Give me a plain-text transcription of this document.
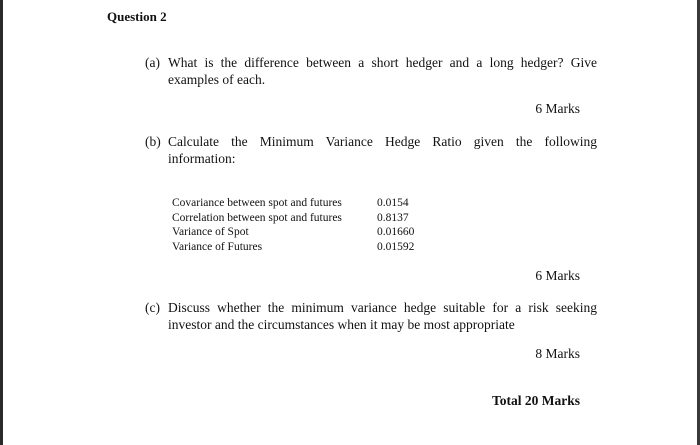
Question 2
(a) What is the difference between a short hedger and a long hedger? Give examples of each.
6 Marks
(b) Calculate the Minimum Variance Hedge Ratio given the following information:
Covariance between spot and futures	0.0154
Correlation between spot and futures	0.8137
Variance of Spot	0.01660
Variance of Futures	0.01592
6 Marks
(c) Discuss whether the minimum variance hedge suitable for a risk seeking investor and the circumstances when it may be most appropriate
8 Marks
Total 20 Marks
